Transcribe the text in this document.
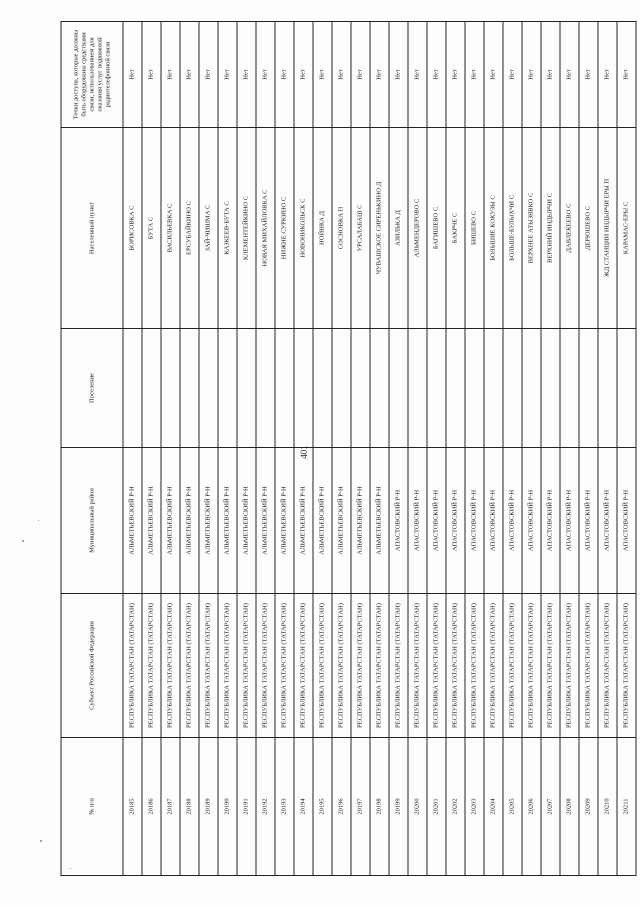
401
№ п/п	Субъект Российской Федерации	Муниципальный район	Поселение	Населенный пункт	Точки доступа, которые должны быть оборудованы средствами связи, использованием для оказания услуг подвижной радиотелефонной связи
20185	РЕСПУБЛИКА ТАТАРСТАН (ТАТАРСТАН)	АЛЬМЕТЬЕВСКИЙ Р-Н		БОРИСОВКА С	Нет
20186	РЕСПУБЛИКА ТАТАРСТАН (ТАТАРСТАН)	АЛЬМЕТЬЕВСКИЙ Р-Н		БУТА С	Нет
20187	РЕСПУБЛИКА ТАТАРСТАН (ТАТАРСТАН)	АЛЬМЕТЬЕВСКИЙ Р-Н		ВАСИЛЬЕВКА С	Нет
20188	РЕСПУБЛИКА ТАТАРСТАН (ТАТАРСТАН)	АЛЬМЕТЬЕВСКИЙ Р-Н		ЕРСУБАЙКИНО С	Нет
20189	РЕСПУБЛИКА ТАТАРСТАН (ТАТАРСТАН)	АЛЬМЕТЬЕВСКИЙ Р-Н		ЗАЙ-ЧИШМА С	Нет
20190	РЕСПУБЛИКА ТАТАРСТАН (ТАТАРСТАН)	АЛЬМЕТЬЕВСКИЙ Р-Н		КАЗКЕЕВ-БУТА С	Нет
20191	РЕСПУБЛИКА ТАТАРСТАН (ТАТАРСТАН)	АЛЬМЕТЬЕВСКИЙ Р-Н		КЛЕМЕНТЕЙКИНО С	Нет
20192	РЕСПУБЛИКА ТАТАРСТАН (ТАТАРСТАН)	АЛЬМЕТЬЕВСКИЙ Р-Н		НОВАЯ МИХАЙЛОВКА С	Нет
20193	РЕСПУБЛИКА ТАТАРСТАН (ТАТАРСТАН)	АЛЬМЕТЬЕВСКИЙ Р-Н		НИЖНЕ СУРКИНО С	Нет
20194	РЕСПУБЛИКА ТАТАРСТАН (ТАТАРСТАН)	АЛЬМЕТЬЕВСКИЙ Р-Н		НОВОНИКОЛЬСК С	Нет
20195	РЕСПУБЛИКА ТАТАРСТАН (ТАТАРСТАН)	АЛЬМЕТЬЕВСКИЙ Р-Н		НОЙНКА Д	Нет
20196	РЕСПУБЛИКА ТАТАРСТАН (ТАТАРСТАН)	АЛЬМЕТЬЕВСКИЙ Р-Н		СОСНОВКА П	Нет
20197	РЕСПУБЛИКА ТАТАРСТАН (ТАТАРСТАН)	АЛЬМЕТЬЕВСКИЙ Р-Н		УРСАЛАБАШ С	Нет
20198	РЕСПУБЛИКА ТАТАРСТАН (ТАТАРСТАН)	АЛЬМЕТЬЕВСКИЙ Р-Н		ЧУВАШСКОЕ СИРЕНЬКИНО Д	Нет
20199	РЕСПУБЛИКА ТАТАРСТАН (ТАТАРСТАН)	АПАСТОВСКИЙ Р-Н		АЗИЛЬКА Д	Нет
20200	РЕСПУБЛИКА ТАТАРСТАН (ТАТАРСТАН)	АПАСТОВСКИЙ Р-Н		АЛЬМЕНДЕРОВО С	Нет
20201	РЕСПУБЛИКА ТАТАРСТАН (ТАТАРСТАН)	АПАСТОВСКИЙ Р-Н		БАГИШЕВО С	Нет
20202	РЕСПУБЛИКА ТАТАРСТАН (ТАТАРСТАН)	АПАСТОВСКИЙ Р-Н		БАКРЧЕ С	Нет
20203	РЕСПУБЛИКА ТАТАРСТАН (ТАТАРСТАН)	АПАСТОВСКИЙ Р-Н		БИШЕВО С	Нет
20204	РЕСПУБЛИКА ТАТАРСТАН (ТАТАРСТАН)	АПАСТОВСКИЙ Р-Н		БОЛЬШИЕ КОКУЗЫ С	Нет
20205	РЕСПУБЛИКА ТАТАРСТАН (ТАТАРСТАН)	АПАСТОВСКИЙ Р-Н		БОЛЬШЕ-БУЛЫХЧИ С	Нет
20206	РЕСПУБЛИКА ТАТАРСТАН (ТАТАРСТАН)	АПАСТОВСКИЙ Р-Н		ВЕРХНЕЕ АТЫЗЯВКО С	Нет
20207	РЕСПУБЛИКА ТАТАРСТАН (ТАТАРСТАН)	АПАСТОВСКИЙ Р-Н		ВЕРХНИЙ ИНДЫРЧИ С	Нет
20208	РЕСПУБЛИКА ТАТАРСТАН (ТАТАРСТАН)	АПАСТОВСКИЙ Р-Н		ДАВЛЕКЕЕВО С	Нет
20209	РЕСПУБЛИКА ТАТАРСТАН (ТАТАРСТАН)	АПАСТОВСКИЙ Р-Н		ДЕРЮШЕВО С	Нет
20210	РЕСПУБЛИКА ТАТАРСТАН (ТАТАРСТАН)	АПАСТОВСКИЙ Р-Н		ЖД СТАНЦИИ ИНДЫРЧИ ЕРЫ П	Нет
20211	РЕСПУБЛИКА ТАТАРСТАН (ТАТАРСТАН)	АПАСТОВСКИЙ Р-Н		КАРАМАС-ЕРЫ С	Нет
